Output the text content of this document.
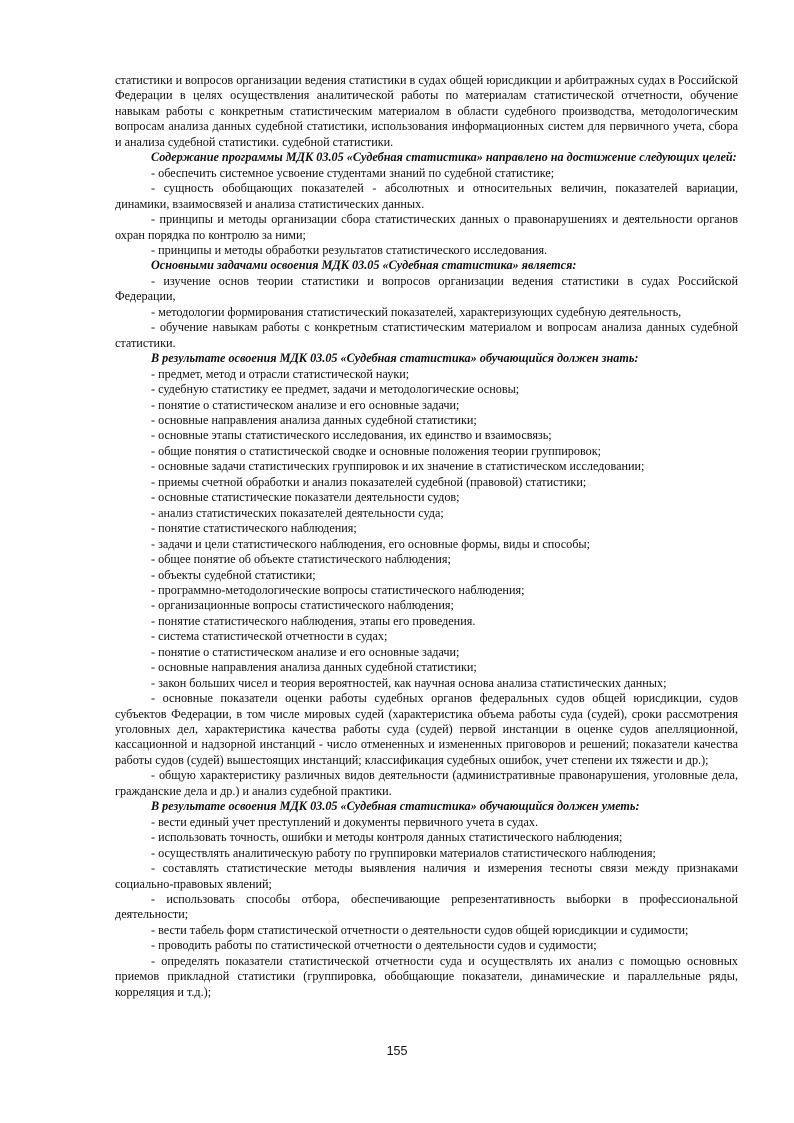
статистики и вопросов организации ведения статистики в судах общей юрисдикции и арбитражных судах в Российской Федерации в целях осуществления аналитической работы по материалам статистической отчетности, обучение навыкам работы с конкретным статистическим материалом в области судебного производства, методологическим вопросам анализа данных судебной статистики, использования информационных систем для первичного учета, сбора и анализа судебной статистики. судебной статистики.

Содержание программы МДК 03.05 «Судебная статистика» направлено на достижение следующих целей:

- обеспечить системное усвоение студентами знаний по судебной статистике;

- сущность обобщающих показателей - абсолютных и относительных величин, показателей вариации, динамики, взаимосвязей и анализа статистических данных.

- принципы и методы организации сбора статистических данных о правонарушениях и деятельности органов охран порядка по контролю за ними;

- принципы и методы обработки результатов статистического исследования.

Основными задачами освоения МДК 03.05 «Судебная статистика» является:

- изучение основ теории статистики и вопросов организации ведения статистики в судах Российской Федерации,

- методологии формирования статистический показателей, характеризующих судебную деятельность,

- обучение навыкам работы с конкретным статистическим материалом и вопросам анализа данных судебной статистики.

В результате освоения МДК 03.05 «Судебная статистика» обучающийся должен знать:

- предмет, метод и отрасли статистической науки;

- судебную статистику ее предмет, задачи и методологические основы;

- понятие о статистическом анализе и его основные задачи;

- основные направления анализа данных судебной статистики;

- основные этапы статистического исследования, их единство и взаимосвязь;

- общие понятия о статистической сводке и основные положения теории группировок;

- основные задачи статистических группировок и их значение в статистическом исследовании;

- приемы счетной обработки и анализ показателей судебной (правовой) статистики;

- основные статистические показатели деятельности судов;

- анализ статистических показателей деятельности суда;

- понятие статистического наблюдения;

- задачи и цели статистического наблюдения, его основные формы, виды и способы;

- общее понятие об объекте статистического наблюдения;

- объекты судебной статистики;

- программно-методологические вопросы статистического наблюдения;

- организационные вопросы статистического наблюдения;

- понятие статистического наблюдения, этапы его проведения.

- система статистической отчетности в судах;

- понятие о статистическом анализе и его основные задачи;

- основные направления анализа данных судебной статистики;

- закон больших чисел и теория вероятностей, как научная основа анализа статистических данных;

- основные показатели оценки работы судебных органов федеральных судов общей юрисдикции, судов субъектов Федерации, в том числе мировых судей (характеристика объема работы суда (судей), сроки рассмотрения уголовных дел, характеристика качества работы суда (судей) первой инстанции в оценке судов апелляционной, кассационной и надзорной инстанций - число отмененных и измененных приговоров и решений; показатели качества работы судов (судей) вышестоящих инстанций; классификация судебных ошибок, учет степени их тяжести и др.);

- общую характеристику различных видов деятельности (административные правонарушения, уголовные дела, гражданские дела и др.) и анализ судебной практики.

В результате освоения МДК 03.05 «Судебная статистика» обучающийся должен уметь:

- вести единый учет преступлений и документы первичного учета в судах.

- использовать точность, ошибки и методы контроля данных статистического наблюдения;

- осуществлять аналитическую работу по группировки материалов статистического наблюдения;

- составлять статистические методы выявления наличия и измерения тесноты связи между признаками социально-правовых явлений;

- использовать способы отбора, обеспечивающие репрезентативность выборки в профессиональной деятельности;

- вести табель форм статистической отчетности о деятельности судов общей юрисдикции и судимости;

- проводить работы по статистической отчетности о деятельности судов и судимости;

- определять показатели статистической отчетности суда и осуществлять их анализ с помощью основных приемов прикладной статистики (группировка, обобщающие показатели, динамические и параллельные ряды, корреляция и т.д.);

155
